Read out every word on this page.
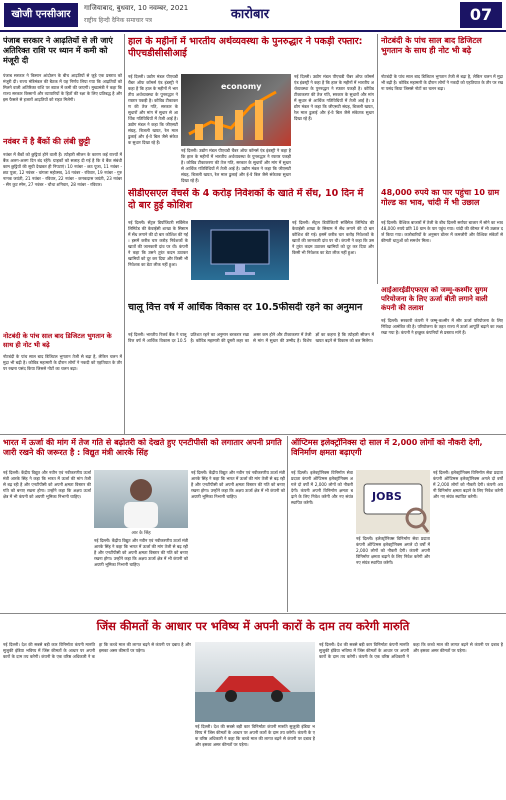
खोजी एनसीआर
गाजियाबाद, बुधवार, 10 नवम्बर, 2021
राष्ट्रीय हिन्दी दैनिक समाचार पत्र	कारोबार	07
पंजाब सरकार ने आढ़तियों से ली जाएं अतिरिक्त राशि पर ध्यान में कमी को मंजूरी दी
पंजाब सरकार ने किसान आंदोलन के बीच आढ़तियों से जुड़े एक प्रस्ताव को मंजूरी दी। राज्य मंत्रिमंडल की बैठक में यह निर्णय लिया गया कि आढ़तियों को मिलने वाली अतिरिक्त राशि पर ब्याज में कमी की जाएगी। मुख्यमंत्री ने कहा कि राज्य सरकार किसानों और व्यापारियों के हितों की रक्षा के लिए प्रतिबद्ध है और इस फैसले से हजारों आढ़तियों को राहत मिलेगी।
नवंबर में है बैंकों की लंबी छुट्टी
नवंबर में बैंकों को छुट्टियां होने वाली हैं। त्योहारी सीजन के कारण कई राज्यों में बैंक अलग-अलग दिन बंद रहेंगे। ग्राहकों को सलाह दी गई है कि वे बैंक संबंधी काम छुट्टियों की सूची देखकर ही निपटाएं। 10 नवंबर - छठ पूजा, 11 नवंबर - छठ पूजा, 12 नवंबर - वांगला महोत्सव, 14 नवंबर - रविवार, 19 नवंबर - गुरु नानक जयंती, 21 नवंबर - रविवार, 22 नवंबर - कनकदास जयंती, 23 नवंबर - सेंग कुट स्नेम, 27 नवंबर - चौथा शनिवार, 28 नवंबर - रविवार।
नोटबंदी के पांच साल बाद डिजिटल भुगतान के साथ ही नोट भी बढ़े
नोटबंदी के पांच साल बाद डिजिटल भुगतान तेजी से बढ़ा है, लेकिन चलन में मुद्रा भी बढ़ी है। कोविड महामारी के दौरान लोगों ने नकदी को एहतियात के तौर पर रखना पसंद किया जिससे नोटों का चलन बढ़ा।
हाल के महीनों में भारतीय अर्थव्यवस्था के पुनरुद्धार ने पकड़ी रफ्तार: पीएचडीसीसीआई
नई दिल्ली। उद्योग मंडल पीएचडी चैंबर ऑफ कॉमर्स एंड इंडस्ट्री ने कहा है कि हाल के महीनों में भारतीय अर्थव्यवस्था के पुनरुद्धार ने रफ्तार पकड़ी है। कोविड टीकाकरण की तेज गति, सरकार के सुधारों और मांग में सुधार से आर्थिक गतिविधियों में तेजी आई है। उद्योग मंडल ने कहा कि जीएसटी संग्रह, बिजली खपत, रेल माल ढुलाई और ई-वे बिल जैसे संकेतक सुधार दिखा रहे हैं।
economy
नई दिल्ली। उद्योग मंडल पीएचडी चैंबर ऑफ कॉमर्स एंड इंडस्ट्री ने कहा है कि हाल के महीनों में भारतीय अर्थव्यवस्था के पुनरुद्धार ने रफ्तार पकड़ी है। कोविड टीकाकरण की तेज गति, सरकार के सुधारों और मांग में सुधार से आर्थिक गतिविधियों में तेजी आई है। उद्योग मंडल ने कहा कि जीएसटी संग्रह, बिजली खपत, रेल माल ढुलाई और ई-वे बिल जैसे संकेतक सुधार दिखा रहे हैं।
नई दिल्ली। उद्योग मंडल पीएचडी चैंबर ऑफ कॉमर्स एंड इंडस्ट्री ने कहा है कि हाल के महीनों में भारतीय अर्थव्यवस्था के पुनरुद्धार ने रफ्तार पकड़ी है। कोविड टीकाकरण की तेज गति, सरकार के सुधारों और मांग में सुधार से आर्थिक गतिविधियों में तेजी आई है। उद्योग मंडल ने कहा कि जीएसटी संग्रह, बिजली खपत, रेल माल ढुलाई और ई-वे बिल जैसे संकेतक सुधार दिखा रहे हैं।
नोटबंदी के पांच साल बाद डिजिटल भुगतान के साथ ही नोट भी बढ़े
नोटबंदी के पांच साल बाद डिजिटल भुगतान तेजी से बढ़ा है, लेकिन चलन में मुद्रा भी बढ़ी है। कोविड महामारी के दौरान लोगों ने नकदी को एहतियात के तौर पर रखना पसंद किया जिससे नोटों का चलन बढ़ा।
सीडीएसएल वेंचर्स के 4 करोड़ निवेशकों के खाते में सेंध, 10 दिन में दो बार हुई कोशिश
नई दिल्ली। सेंट्रल डिपॉजिटरी सर्विसेज लिमिटेड की केवाईसी शाखा के सिस्टम में सेंध लगाने की दो बार कोशिश की गई। इसमें करीब चार करोड़ निवेशकों के खातों की जानकारी दांव पर थी। कंपनी ने कहा कि उसने तुरंत कदम उठाकर खामियों को दूर कर दिया और किसी भी निवेशक का डेटा लीक नहीं हुआ।
नई दिल्ली। सेंट्रल डिपॉजिटरी सर्विसेज लिमिटेड की केवाईसी शाखा के सिस्टम में सेंध लगाने की दो बार कोशिश की गई। इसमें करीब चार करोड़ निवेशकों के खातों की जानकारी दांव पर थी। कंपनी ने कहा कि उसने तुरंत कदम उठाकर खामियों को दूर कर दिया और किसी भी निवेशक का डेटा लीक नहीं हुआ।
48,000 रुपये का पार पहुंचा 10 ग्राम गोल्ड का भाव, चांदी में भी उछाल
नई दिल्ली। वैश्विक बाजारों में तेजी के बीच दिल्ली सर्राफा बाजार में सोने का भाव 48,000 रुपये प्रति 10 ग्राम के पार पहुंच गया। चांदी की कीमत में भी उछाल दर्ज किया गया। कारोबारियों के अनुसार डॉलर में कमजोरी और वैश्विक संकेतों से कीमती धातुओं को समर्थन मिला।
चालू वित्त वर्ष में आर्थिक विकास दर 10.5फीसदी रहने का अनुमान
नई दिल्ली। भारतीय रिजर्व बैंक ने चालू वित्त वर्ष में आर्थिक विकास दर 10.5 प्रतिशत रहने का अनुमान बरकरार रखा है। कोविड महामारी की दूसरी लहर का असर कम होने और टीकाकरण में तेजी से मांग में सुधार की उम्मीद है। विशेषज्ञों का कहना है कि त्योहारी सीजन में खपत बढ़ने से विकास को बल मिलेगा।
आईआरईडीएफएस को जम्मू-कश्मीर सुगम परियोजना के लिए ऊर्जा बीती लगाने वाली कंपनी की तलाश
नई दिल्ली। सरकारी कंपनी ने जम्मू-कश्मीर में सौर ऊर्जा परियोजना के लिए निविदा आमंत्रित की है। परियोजना के तहत राज्य में ऊर्जा आपूर्ति बढ़ाने का लक्ष्य रखा गया है। कंपनी ने इच्छुक कंपनियों से प्रस्ताव मांगे हैं।
भारत में ऊर्जा की मांग में तेज गति से बढ़ोतरी को देखते हुए एनटीपीसी को लगातार अपनी प्रगति जारी रखने की जरूरत है : विद्युत मंत्री आरके सिंह
नई दिल्ली। केंद्रीय विद्युत और नवीन एवं नवीकरणीय ऊर्जा मंत्री आरके सिंह ने कहा कि भारत में ऊर्जा की मांग तेजी से बढ़ रही है और एनटीपीसी को अपनी क्षमता विस्तार की गति को बनाए रखना होगा। उन्होंने कहा कि अक्षय ऊर्जा क्षेत्र में भी कंपनी को अग्रणी भूमिका निभानी चाहिए।
आर के सिंह
नई दिल्ली। केंद्रीय विद्युत और नवीन एवं नवीकरणीय ऊर्जा मंत्री आरके सिंह ने कहा कि भारत में ऊर्जा की मांग तेजी से बढ़ रही है और एनटीपीसी को अपनी क्षमता विस्तार की गति को बनाए रखना होगा। उन्होंने कहा कि अक्षय ऊर्जा क्षेत्र में भी कंपनी को अग्रणी भूमिका निभानी चाहिए।
नई दिल्ली। केंद्रीय विद्युत और नवीन एवं नवीकरणीय ऊर्जा मंत्री आरके सिंह ने कहा कि भारत में ऊर्जा की मांग तेजी से बढ़ रही है और एनटीपीसी को अपनी क्षमता विस्तार की गति को बनाए रखना होगा। उन्होंने कहा कि अक्षय ऊर्जा क्षेत्र में भी कंपनी को अग्रणी भूमिका निभानी चाहिए।
ऑप्टिमस इलेक्ट्रॉनिक्स दो साल में 2,000 लोगों को नौकरी देगी, विनिर्माण क्षमता बढ़ाएगी
नई दिल्ली। इलेक्ट्रॉनिक्स विनिर्माण सेवा प्रदाता कंपनी ऑप्टिमस इलेक्ट्रॉनिक्स अगले दो वर्षों में 2,000 लोगों को नौकरी देगी। कंपनी अपनी विनिर्माण क्षमता बढ़ाने के लिए निवेश करेगी और नए संयंत्र स्थापित करेगी।	JOBS
नई दिल्ली। इलेक्ट्रॉनिक्स विनिर्माण सेवा प्रदाता कंपनी ऑप्टिमस इलेक्ट्रॉनिक्स अगले दो वर्षों में 2,000 लोगों को नौकरी देगी। कंपनी अपनी विनिर्माण क्षमता बढ़ाने के लिए निवेश करेगी और नए संयंत्र स्थापित करेगी।
नई दिल्ली। इलेक्ट्रॉनिक्स विनिर्माण सेवा प्रदाता कंपनी ऑप्टिमस इलेक्ट्रॉनिक्स अगले दो वर्षों में 2,000 लोगों को नौकरी देगी। कंपनी अपनी विनिर्माण क्षमता बढ़ाने के लिए निवेश करेगी और नए संयंत्र स्थापित करेगी।
जिंस कीमतों के आधार पर भविष्य में अपनी कारों के दाम तय करेगी मारुति
नई दिल्ली। देश की सबसे बड़ी कार विनिर्माता कंपनी मारुति सुजुकी इंडिया भविष्य में जिंस कीमतों के आधार पर अपनी कारों के दाम तय करेगी। कंपनी के एक वरिष्ठ अधिकारी ने कहा कि कच्चे माल की लागत बढ़ने से कंपनी पर दबाव है और इसका असर कीमतों पर पड़ेगा।
नई दिल्ली। देश की सबसे बड़ी कार विनिर्माता कंपनी मारुति सुजुकी इंडिया भविष्य में जिंस कीमतों के आधार पर अपनी कारों के दाम तय करेगी। कंपनी के एक वरिष्ठ अधिकारी ने कहा कि कच्चे माल की लागत बढ़ने से कंपनी पर दबाव है और इसका असर कीमतों पर पड़ेगा।
नई दिल्ली। देश की सबसे बड़ी कार विनिर्माता कंपनी मारुति सुजुकी इंडिया भविष्य में जिंस कीमतों के आधार पर अपनी कारों के दाम तय करेगी। कंपनी के एक वरिष्ठ अधिकारी ने कहा कि कच्चे माल की लागत बढ़ने से कंपनी पर दबाव है और इसका असर कीमतों पर पड़ेगा।
